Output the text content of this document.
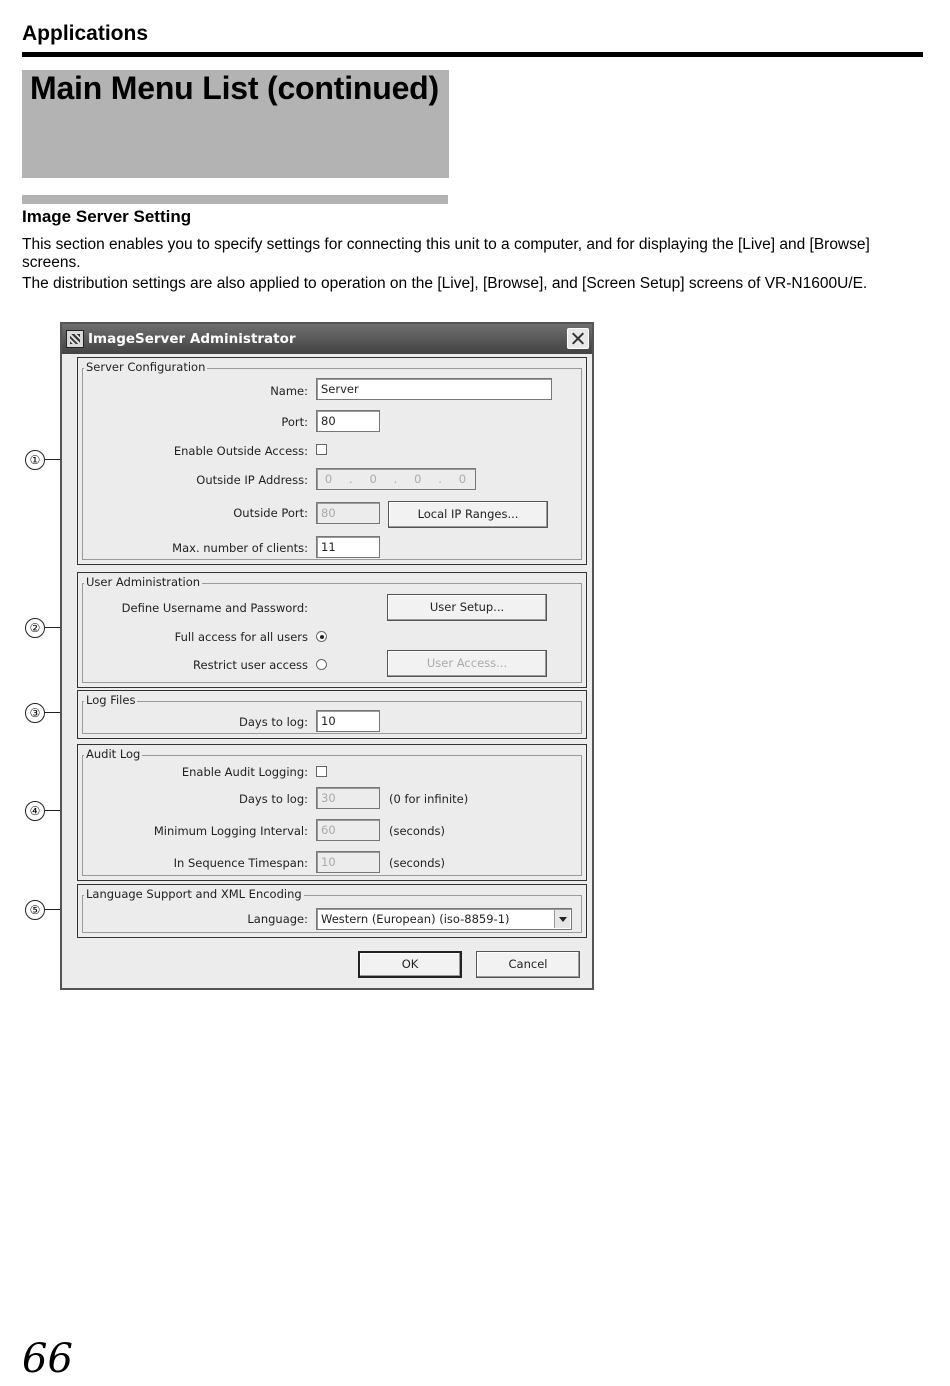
Applications
Main Menu List (continued)
Image Server Setting
This section enables you to specify settings for connecting this unit to a computer, and for displaying the [Live] and [Browse] screens.
The distribution settings are also applied to operation on the [Live], [Browse], and [Screen Setup] screens of VR-N1600U/E.
①
②
③
④
⑤
ImageServer Administrator
Server Configuration
Name:	Server
Port:	80
Enable Outside Access:
Outside IP Address: 0 . 0 . 0 . 0
Outside Port:	80	Local IP Ranges...
Max. number of clients:	11
User Administration
Define Username and Password:	User Setup...
Full access for all users
Restrict user access	User Access...
Log Files
Days to log:	10
Audit Log
Enable Audit Logging:
Days to log:	30	(0 for infinite)
Minimum Logging Interval:	60	(seconds)
In Sequence Timespan:	10	(seconds)
Language Support and XML Encoding
Language:	Western (European) (iso-8859-1)
OK	Cancel
66
